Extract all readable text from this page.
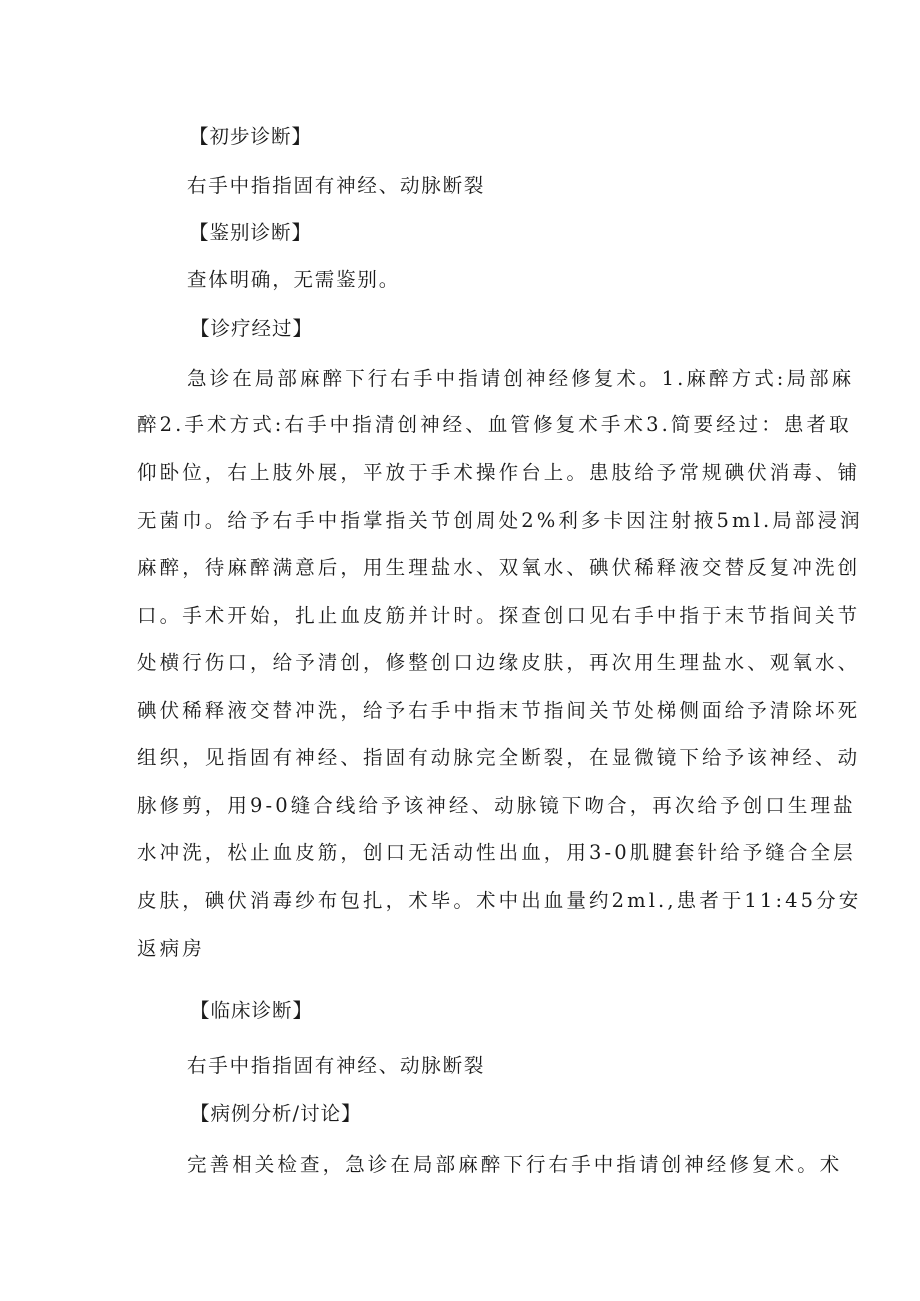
【初步诊断】
右手中指指固有神经、动脉断裂
【鉴别诊断】
查体明确，无需鉴别。
【诊疗经过】
急诊在局部麻醉下行右手中指请创神经修复术。1.麻醉方式:局部麻
醉2.手术方式:右手中指清创神经、血管修复术手术3.简要经过：患者取
仰卧位，右上肢外展，平放于手术操作台上。患肢给予常规碘伏消毒、铺
无菌巾。给予右手中指掌指关节创周处2%利多卡因注射掖5ml.局部浸润
麻醉，待麻醉满意后，用生理盐水、双氧水、碘伏稀释液交替反复冲洗创
口。手术开始，扎止血皮筋并计时。探查创口见右手中指于末节指间关节
处横行伤口，给予清创，修整创口边缘皮肤，再次用生理盐水、观氧水、
碘伏稀释液交替冲洗，给予右手中指末节指间关节处梯侧面给予清除坏死
组织，见指固有神经、指固有动脉完全断裂，在显微镜下给予该神经、动
脉修剪，用9-0缝合线给予该神经、动脉镜下吻合，再次给予创口生理盐
水冲洗，松止血皮筋，创口无活动性出血，用3-0肌腱套针给予缝合全层
皮肤，碘伏消毒纱布包扎，术毕。术中出血量约2ml.,患者于11:45分安
返病房
【临床诊断】
右手中指指固有神经、动脉断裂
【病例分析/讨论】
完善相关检查，急诊在局部麻醉下行右手中指请创神经修复术。术
